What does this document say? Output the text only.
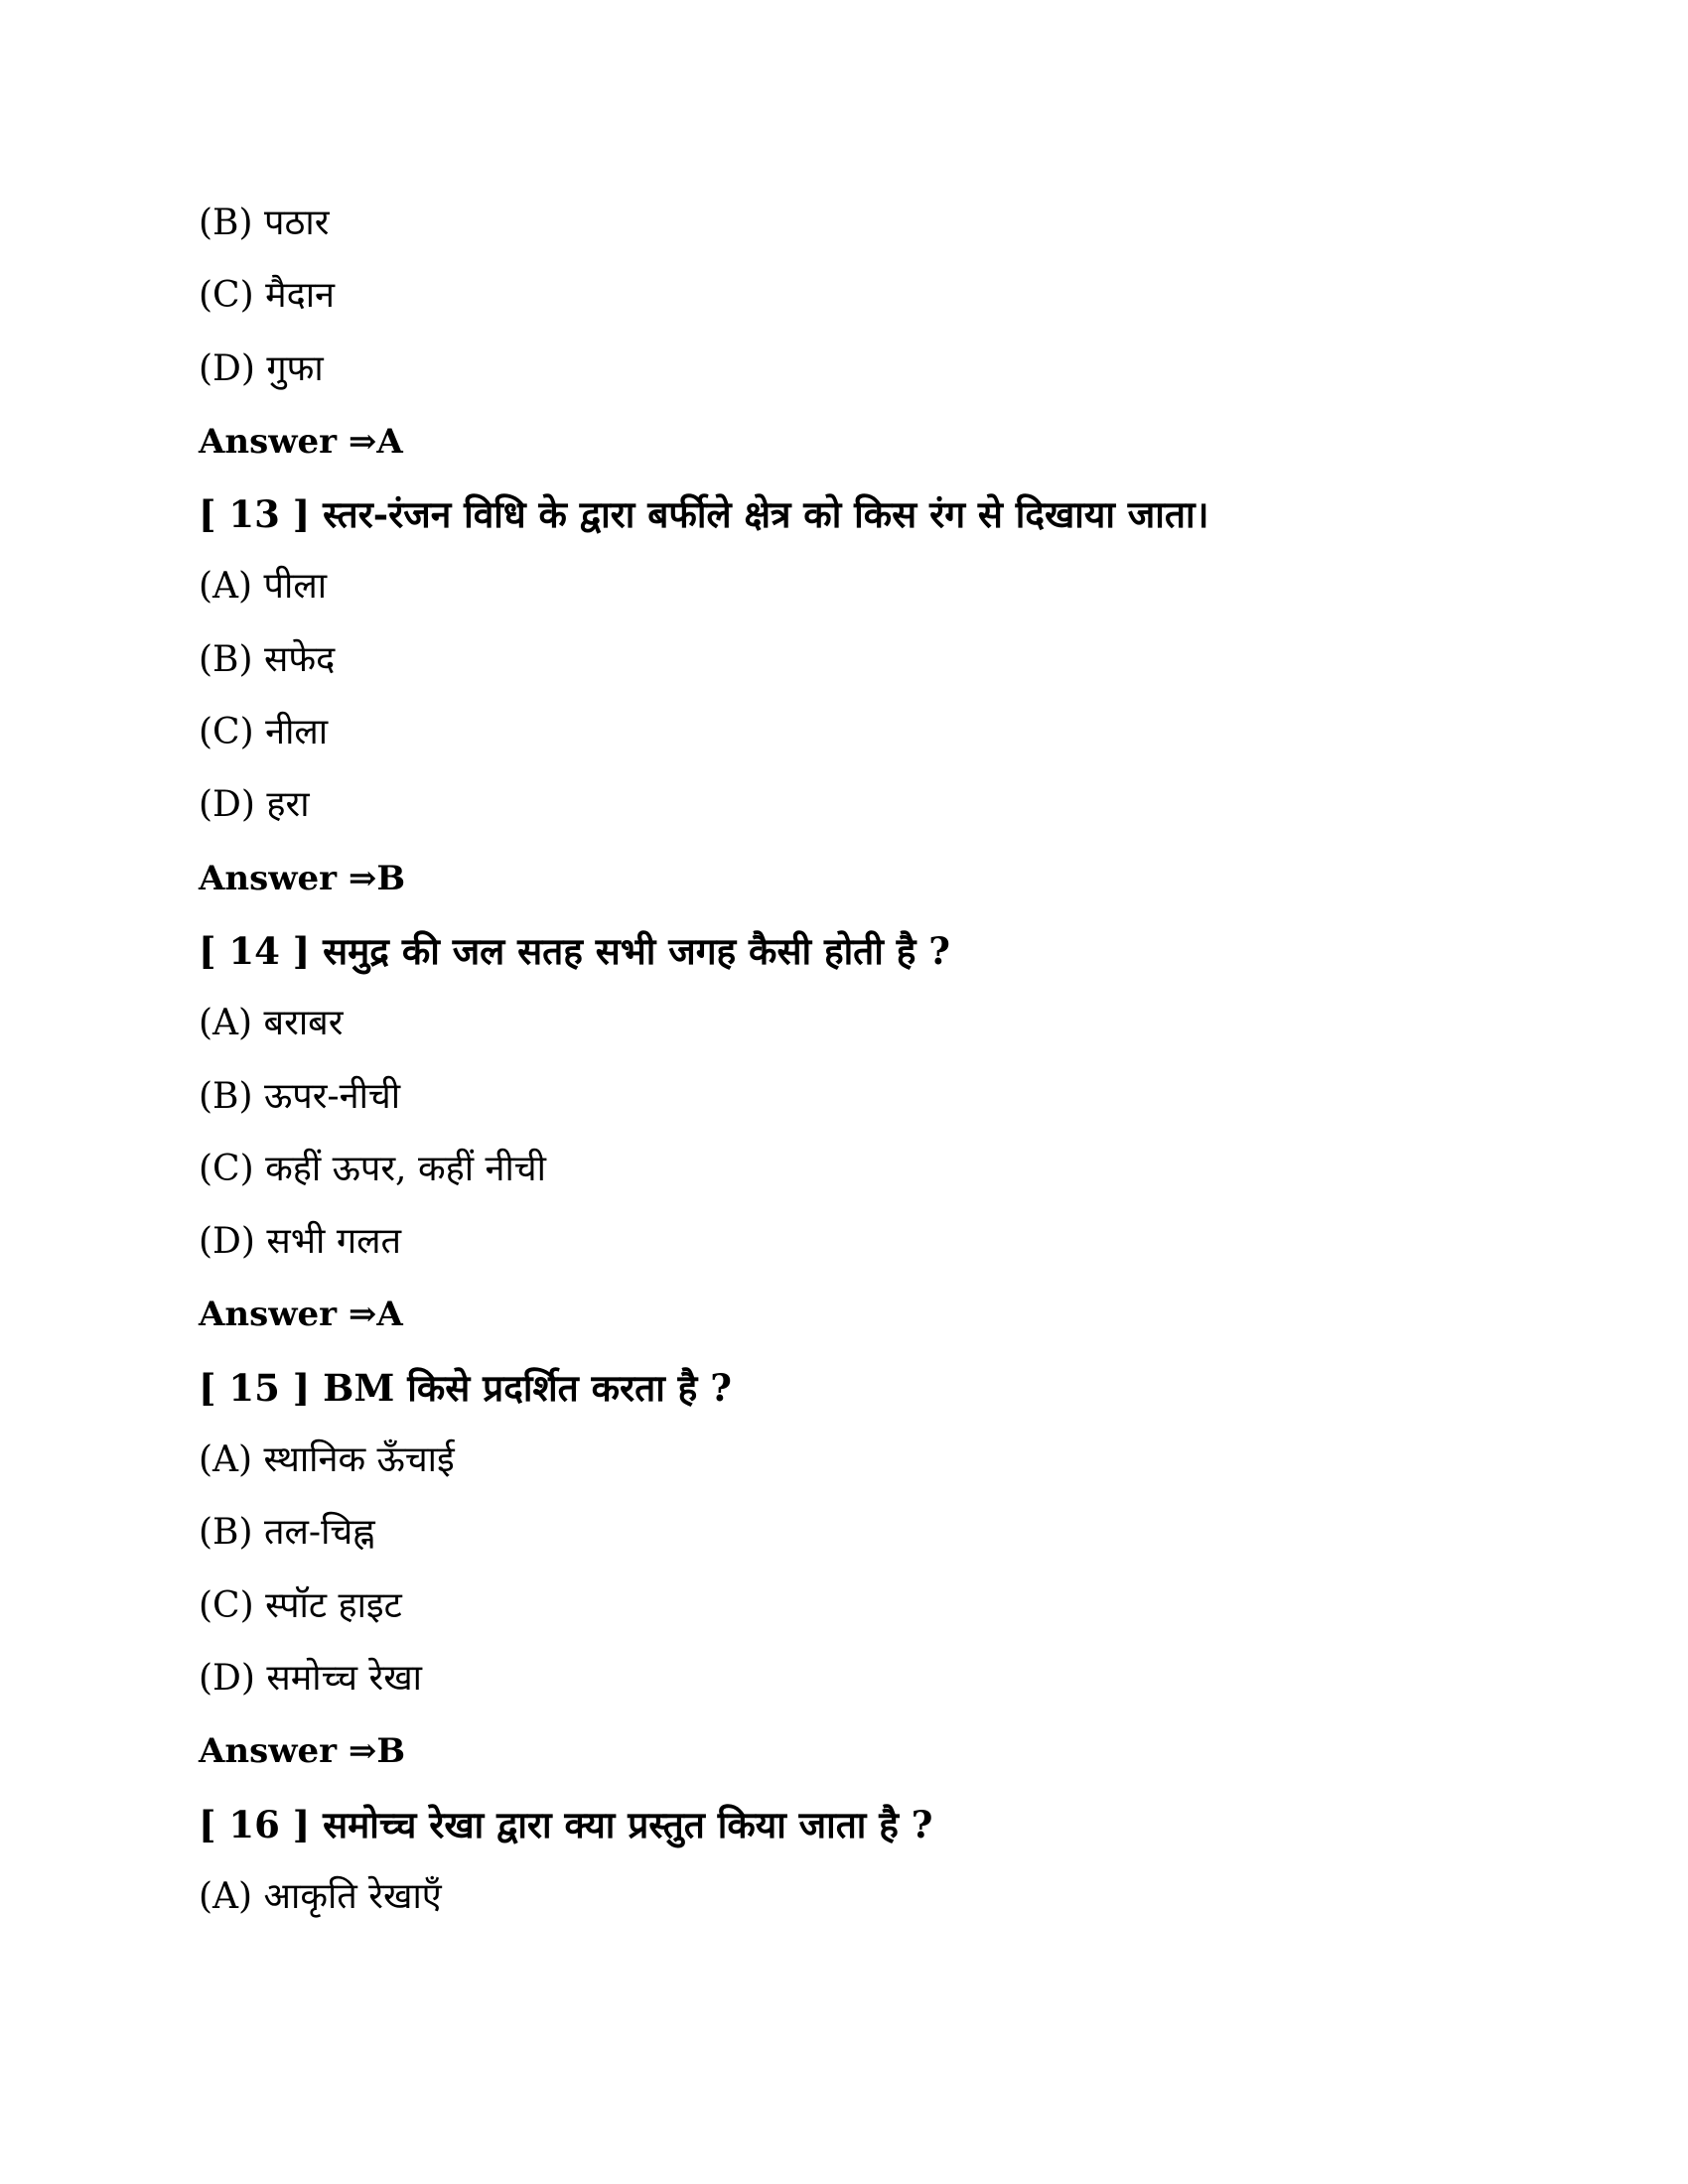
(B) पठार
(C) मैदान
(D) गुफा
Answer ⇒A
[ 13 ] स्तर-रंजन विधि के द्वारा बर्फीले क्षेत्र को किस रंग से दिखाया जाता।
(A) पीला
(B) सफेद
(C) नीला
(D) हरा
Answer ⇒B
[ 14 ] समुद्र की जल सतह सभी जगह कैसी होती है ?
(A) बराबर
(B) ऊपर-नीची
(C) कहीं ऊपर, कहीं नीची
(D) सभी गलत
Answer ⇒A
[ 15 ] BM किसे प्रदर्शित करता है ?
(A) स्थानिक ऊँचाई
(B) तल-चिह्न
(C) स्पॉट हाइट
(D) समोच्च रेखा
Answer ⇒B
[ 16 ] समोच्च रेखा द्वारा क्या प्रस्तुत किया जाता है ?
(A) आकृति रेखाएँ
